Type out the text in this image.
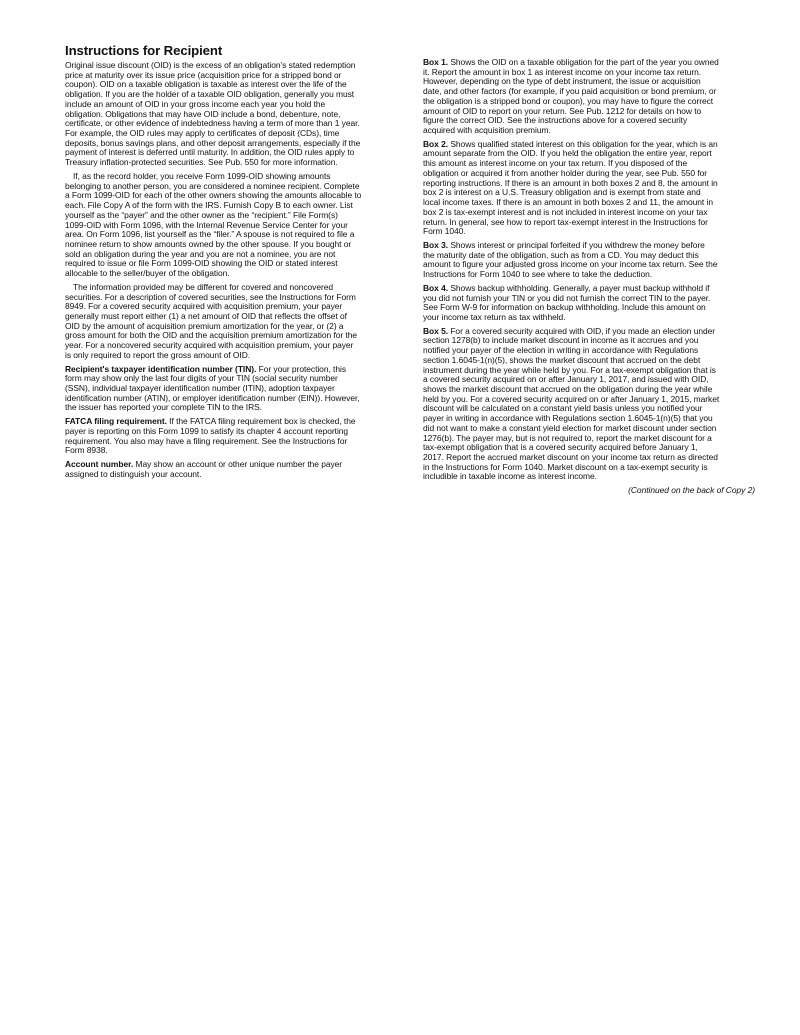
Instructions for Recipient

Original issue discount (OID) is the excess of an obligation’s stated redemption
price at maturity over its issue price (acquisition price for a stripped bond or
coupon). OID on a taxable obligation is taxable as interest over the life of the
obligation. If you are the holder of a taxable OID obligation, generally you must
include an amount of OID in your gross income each year you hold the
obligation. Obligations that may have OID include a bond, debenture, note,
certificate, or other evidence of indebtedness having a term of more than 1 year.
For example, the OID rules may apply to certificates of deposit (CDs), time
deposits, bonus savings plans, and other deposit arrangements, especially if the
payment of interest is deferred until maturity. In addition, the OID rules apply to
Treasury inflation-protected securities. See Pub. 550 for more information.

If, as the record holder, you receive Form 1099-OID showing amounts
belonging to another person, you are considered a nominee recipient. Complete
a Form 1099-OID for each of the other owners showing the amounts allocable to
each. File Copy A of the form with the IRS. Furnish Copy B to each owner. List
yourself as the “payer” and the other owner as the “recipient.” File Form(s)
1099-OID with Form 1096, with the Internal Revenue Service Center for your
area. On Form 1096, list yourself as the “filer.” A spouse is not required to file a
nominee return to show amounts owned by the other spouse. If you bought or
sold an obligation during the year and you are not a nominee, you are not
required to issue or file Form 1099-OID showing the OID or stated interest
allocable to the seller/buyer of the obligation.

The information provided may be different for covered and noncovered
securities. For a description of covered securities, see the Instructions for Form
8949. For a covered security acquired with acquisition premium, your payer
generally must report either (1) a net amount of OID that reflects the offset of
OID by the amount of acquisition premium amortization for the year, or (2) a
gross amount for both the OID and the acquisition premium amortization for the
year. For a noncovered security acquired with acquisition premium, your payer
is only required to report the gross amount of OID.

Recipient's taxpayer identification number (TIN). For your protection, this
form may show only the last four digits of your TIN (social security number
(SSN), individual taxpayer identification number (ITIN), adoption taxpayer
identification number (ATIN), or employer identification number (EIN)). However,
the issuer has reported your complete TIN to the IRS.

FATCA filing requirement. If the FATCA filing requirement box is checked, the
payer is reporting on this Form 1099 to satisfy its chapter 4 account reporting
requirement. You also may have a filing requirement. See the Instructions for
Form 8938.

Account number. May show an account or other unique number the payer
assigned to distinguish your account.

Box 1. Shows the OID on a taxable obligation for the part of the year you owned
it. Report the amount in box 1 as interest income on your income tax return.
However, depending on the type of debt instrument, the issue or acquisition
date, and other factors (for example, if you paid acquisition or bond premium, or
the obligation is a stripped bond or coupon), you may have to figure the correct
amount of OID to report on your return. See Pub. 1212 for details on how to
figure the correct OID. See the instructions above for a covered security
acquired with acquisition premium.

Box 2. Shows qualified stated interest on this obligation for the year, which is an
amount separate from the OID. If you held the obligation the entire year, report
this amount as interest income on your tax return. If you disposed of the
obligation or acquired it from another holder during the year, see Pub. 550 for
reporting instructions. If there is an amount in both boxes 2 and 8, the amount in
box 2 is interest on a U.S. Treasury obligation and is exempt from state and
local income taxes. If there is an amount in both boxes 2 and 11, the amount in
box 2 is tax-exempt interest and is not included in interest income on your tax
return. In general, see how to report tax-exempt interest in the Instructions for
Form 1040.

Box 3. Shows interest or principal forfeited if you withdrew the money before
the maturity date of the obligation, such as from a CD. You may deduct this
amount to figure your adjusted gross income on your income tax return. See the
Instructions for Form 1040 to see where to take the deduction.

Box 4. Shows backup withholding. Generally, a payer must backup withhold if
you did not furnish your TIN or you did not furnish the correct TIN to the payer.
See Form W-9 for information on backup withholding. Include this amount on
your income tax return as tax withheld.

Box 5. For a covered security acquired with OID, if you made an election under
section 1278(b) to include market discount in income as it accrues and you
notified your payer of the election in writing in accordance with Regulations
section 1.6045-1(n)(5), shows the market discount that accrued on the debt
instrument during the year while held by you. For a tax-exempt obligation that is
a covered security acquired on or after January 1, 2017, and issued with OID,
shows the market discount that accrued on the obligation during the year while
held by you. For a covered security acquired on or after January 1, 2015, market
discount will be calculated on a constant yield basis unless you notified your
payer in writing in accordance with Regulations section 1.6045-1(n)(5) that you
did not want to make a constant yield election for market discount under section
1276(b). The payer may, but is not required to, report the market discount for a
tax-exempt obligation that is a covered security acquired before January 1,
2017. Report the accrued market discount on your income tax return as directed
in the Instructions for Form 1040. Market discount on a tax-exempt security is
includible in taxable income as interest income.

(Continued on the back of Copy 2)
